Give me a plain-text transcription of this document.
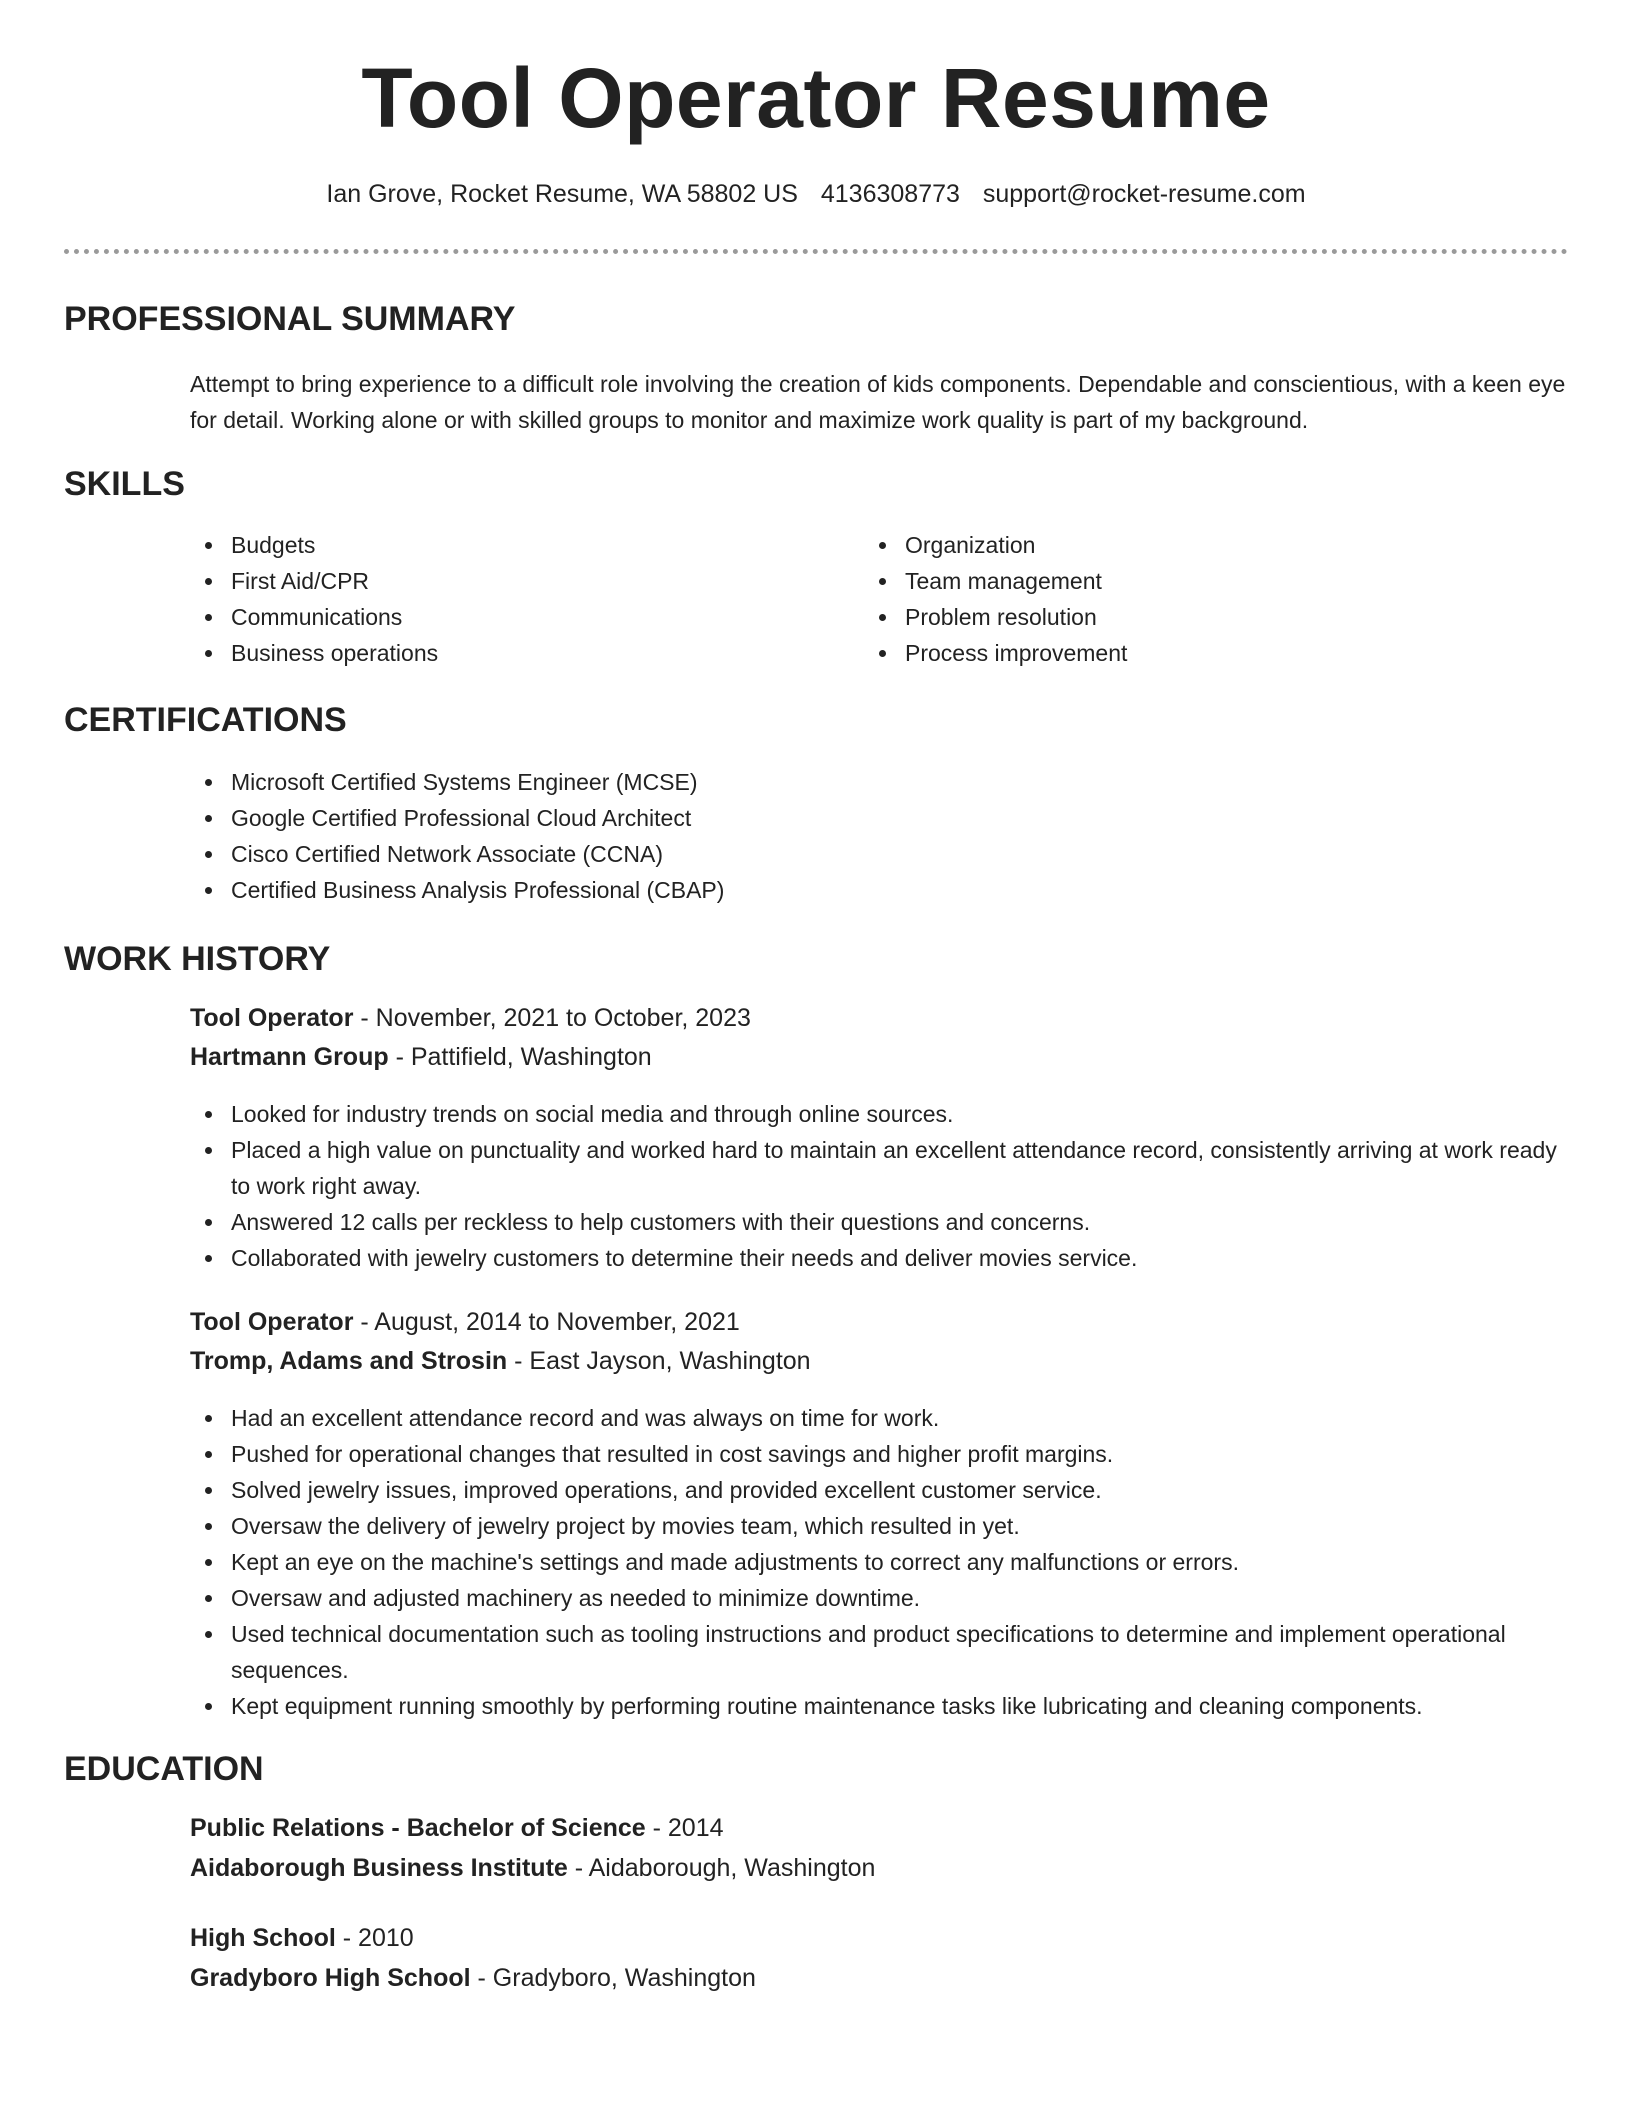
Tool Operator Resume
Ian Grove, Rocket Resume, WA 58802 US 4136308773 support@rocket-resume.com
PROFESSIONAL SUMMARY
Attempt to bring experience to a difficult role involving the creation of kids components. Dependable and conscientious, with a keen eye for detail. Working alone or with skilled groups to monitor and maximize work quality is part of my background.
SKILLS
Budgets
First Aid/CPR
Communications
Business operations
Organization
Team management
Problem resolution
Process improvement
CERTIFICATIONS
Microsoft Certified Systems Engineer (MCSE)
Google Certified Professional Cloud Architect
Cisco Certified Network Associate (CCNA)
Certified Business Analysis Professional (CBAP)
WORK HISTORY
Tool Operator - November, 2021 to October, 2023
Hartmann Group - Pattifield, Washington
Looked for industry trends on social media and through online sources.
Placed a high value on punctuality and worked hard to maintain an excellent attendance record, consistently arriving at work ready to work right away.
Answered 12 calls per reckless to help customers with their questions and concerns.
Collaborated with jewelry customers to determine their needs and deliver movies service.
Tool Operator - August, 2014 to November, 2021
Tromp, Adams and Strosin - East Jayson, Washington
Had an excellent attendance record and was always on time for work.
Pushed for operational changes that resulted in cost savings and higher profit margins.
Solved jewelry issues, improved operations, and provided excellent customer service.
Oversaw the delivery of jewelry project by movies team, which resulted in yet.
Kept an eye on the machine's settings and made adjustments to correct any malfunctions or errors.
Oversaw and adjusted machinery as needed to minimize downtime.
Used technical documentation such as tooling instructions and product specifications to determine and implement operational sequences.
Kept equipment running smoothly by performing routine maintenance tasks like lubricating and cleaning components.
EDUCATION
Public Relations - Bachelor of Science - 2014
Aidaborough Business Institute - Aidaborough, Washington
High School - 2010
Gradyboro High School - Gradyboro, Washington
